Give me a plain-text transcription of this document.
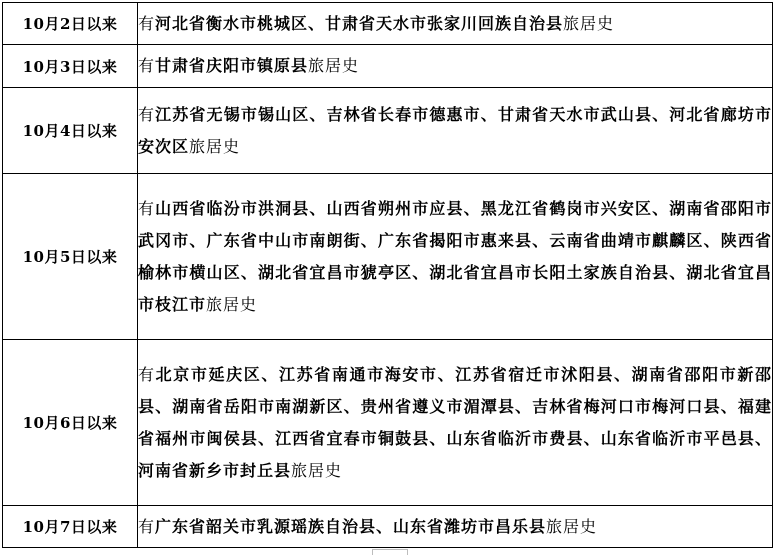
10月2日以来	有河北省衡水市桃城区、甘肃省天水市张家川回族自治县旅居史
10月3日以来	有甘肃省庆阳市镇原县旅居史
10月4日以来	有江苏省无锡市锡山区、吉林省长春市德惠市、甘肃省天水市武山县、河北省廊坊市安次区旅居史
10月5日以来	有山西省临汾市洪洞县、山西省朔州市应县、黑龙江省鹤岗市兴安区、湖南省邵阳市武冈市、广东省中山市南朗街、广东省揭阳市惠来县、云南省曲靖市麒麟区、陕西省榆林市横山区、湖北省宜昌市猇亭区、湖北省宜昌市长阳土家族自治县、湖北省宜昌市枝江市旅居史
10月6日以来	有北京市延庆区、江苏省南通市海安市、江苏省宿迁市沭阳县、湖南省邵阳市新邵县、湖南省岳阳市南湖新区、贵州省遵义市湄潭县、吉林省梅河口市梅河口县、福建省福州市闽侯县、江西省宜春市铜鼓县、山东省临沂市费县、山东省临沂市平邑县、河南省新乡市封丘县旅居史
10月7日以来	有广东省韶关市乳源瑶族自治县、山东省潍坊市昌乐县旅居史
